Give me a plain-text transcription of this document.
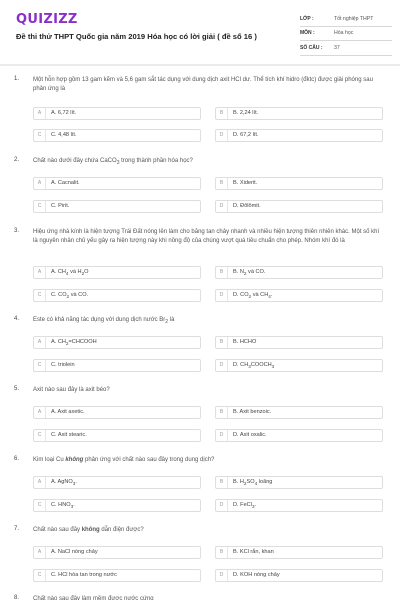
QUIZIZZ
Đề thi thử THPT Quốc gia năm 2019 Hóa học có lời giải ( đề số 16 )
LỚP :	Tốt nghiệp THPT
MÔN :	Hóa học
SỐ CÂU :	37
1. Một hỗn hợp gồm 13 gam kẽm và 5,6 gam sắt tác dụng với dung dịch axit HCl dư. Thể tích khí hidro (đktc) được giải phóng sau phản ứng là
A	A. 6,72 lít.	B	B. 2,24 lít.
C	C. 4,48 lít.	D	D. 67,2 lít.
2. Chất nào dưới đây chứa CaCO$_3$ trong thành phần hóa học?
A	A. Cacnalit.	B	B. Xiderit.
C	C. Pirit.	D	D. Đôlômit.
3. Hiệu ứng nhà kính là hiện tượng Trái Đất nóng lên làm cho băng tan chảy nhanh và nhiều hiện tượng thiên nhiên khác. Một số khí là nguyên nhân chủ yếu gây ra hiện tượng này khi nồng độ của chúng vượt quá tiêu chuẩn cho phép. Nhóm khí đó là
A	A. $CH_4$ và $H_2O$	B	B. $N_2$ và CO.
C	C. $CO_2$ và CO.	D	D. $CO_2$ và $CH_4$.
4. Este có khả năng tác dụng với dung dịch nước $Br_2$ là
A	A. $CH_2=CHCOOH$	B	B. HCHO
C	C. triolein	D	D. $CH_3COOCH_3$
5. Axit nào sau đây là axit béo?
A	A. Axit axetic.	B	B. Axit benzoic.
C	C. Axit stearic.	D	D. Axit oxalic.
6. Kim loại Cu không phản ứng với chất nào sau đây trong dung dịch?
A	A. AgNO$_3$.	B	B. $H_2SO_4$ loãng
C	C. $HNO_3$.	D	D. FeCl$_3$.
7. Chất nào sau đây không dẫn điện được?
A	A. NaCl nóng chảy	B	B. KCl rắn, khan
C	C. HCl hòa tan trong nước	D	D. KOH nóng chảy
8. Chất nào sau đây làm mềm được nước cứng
